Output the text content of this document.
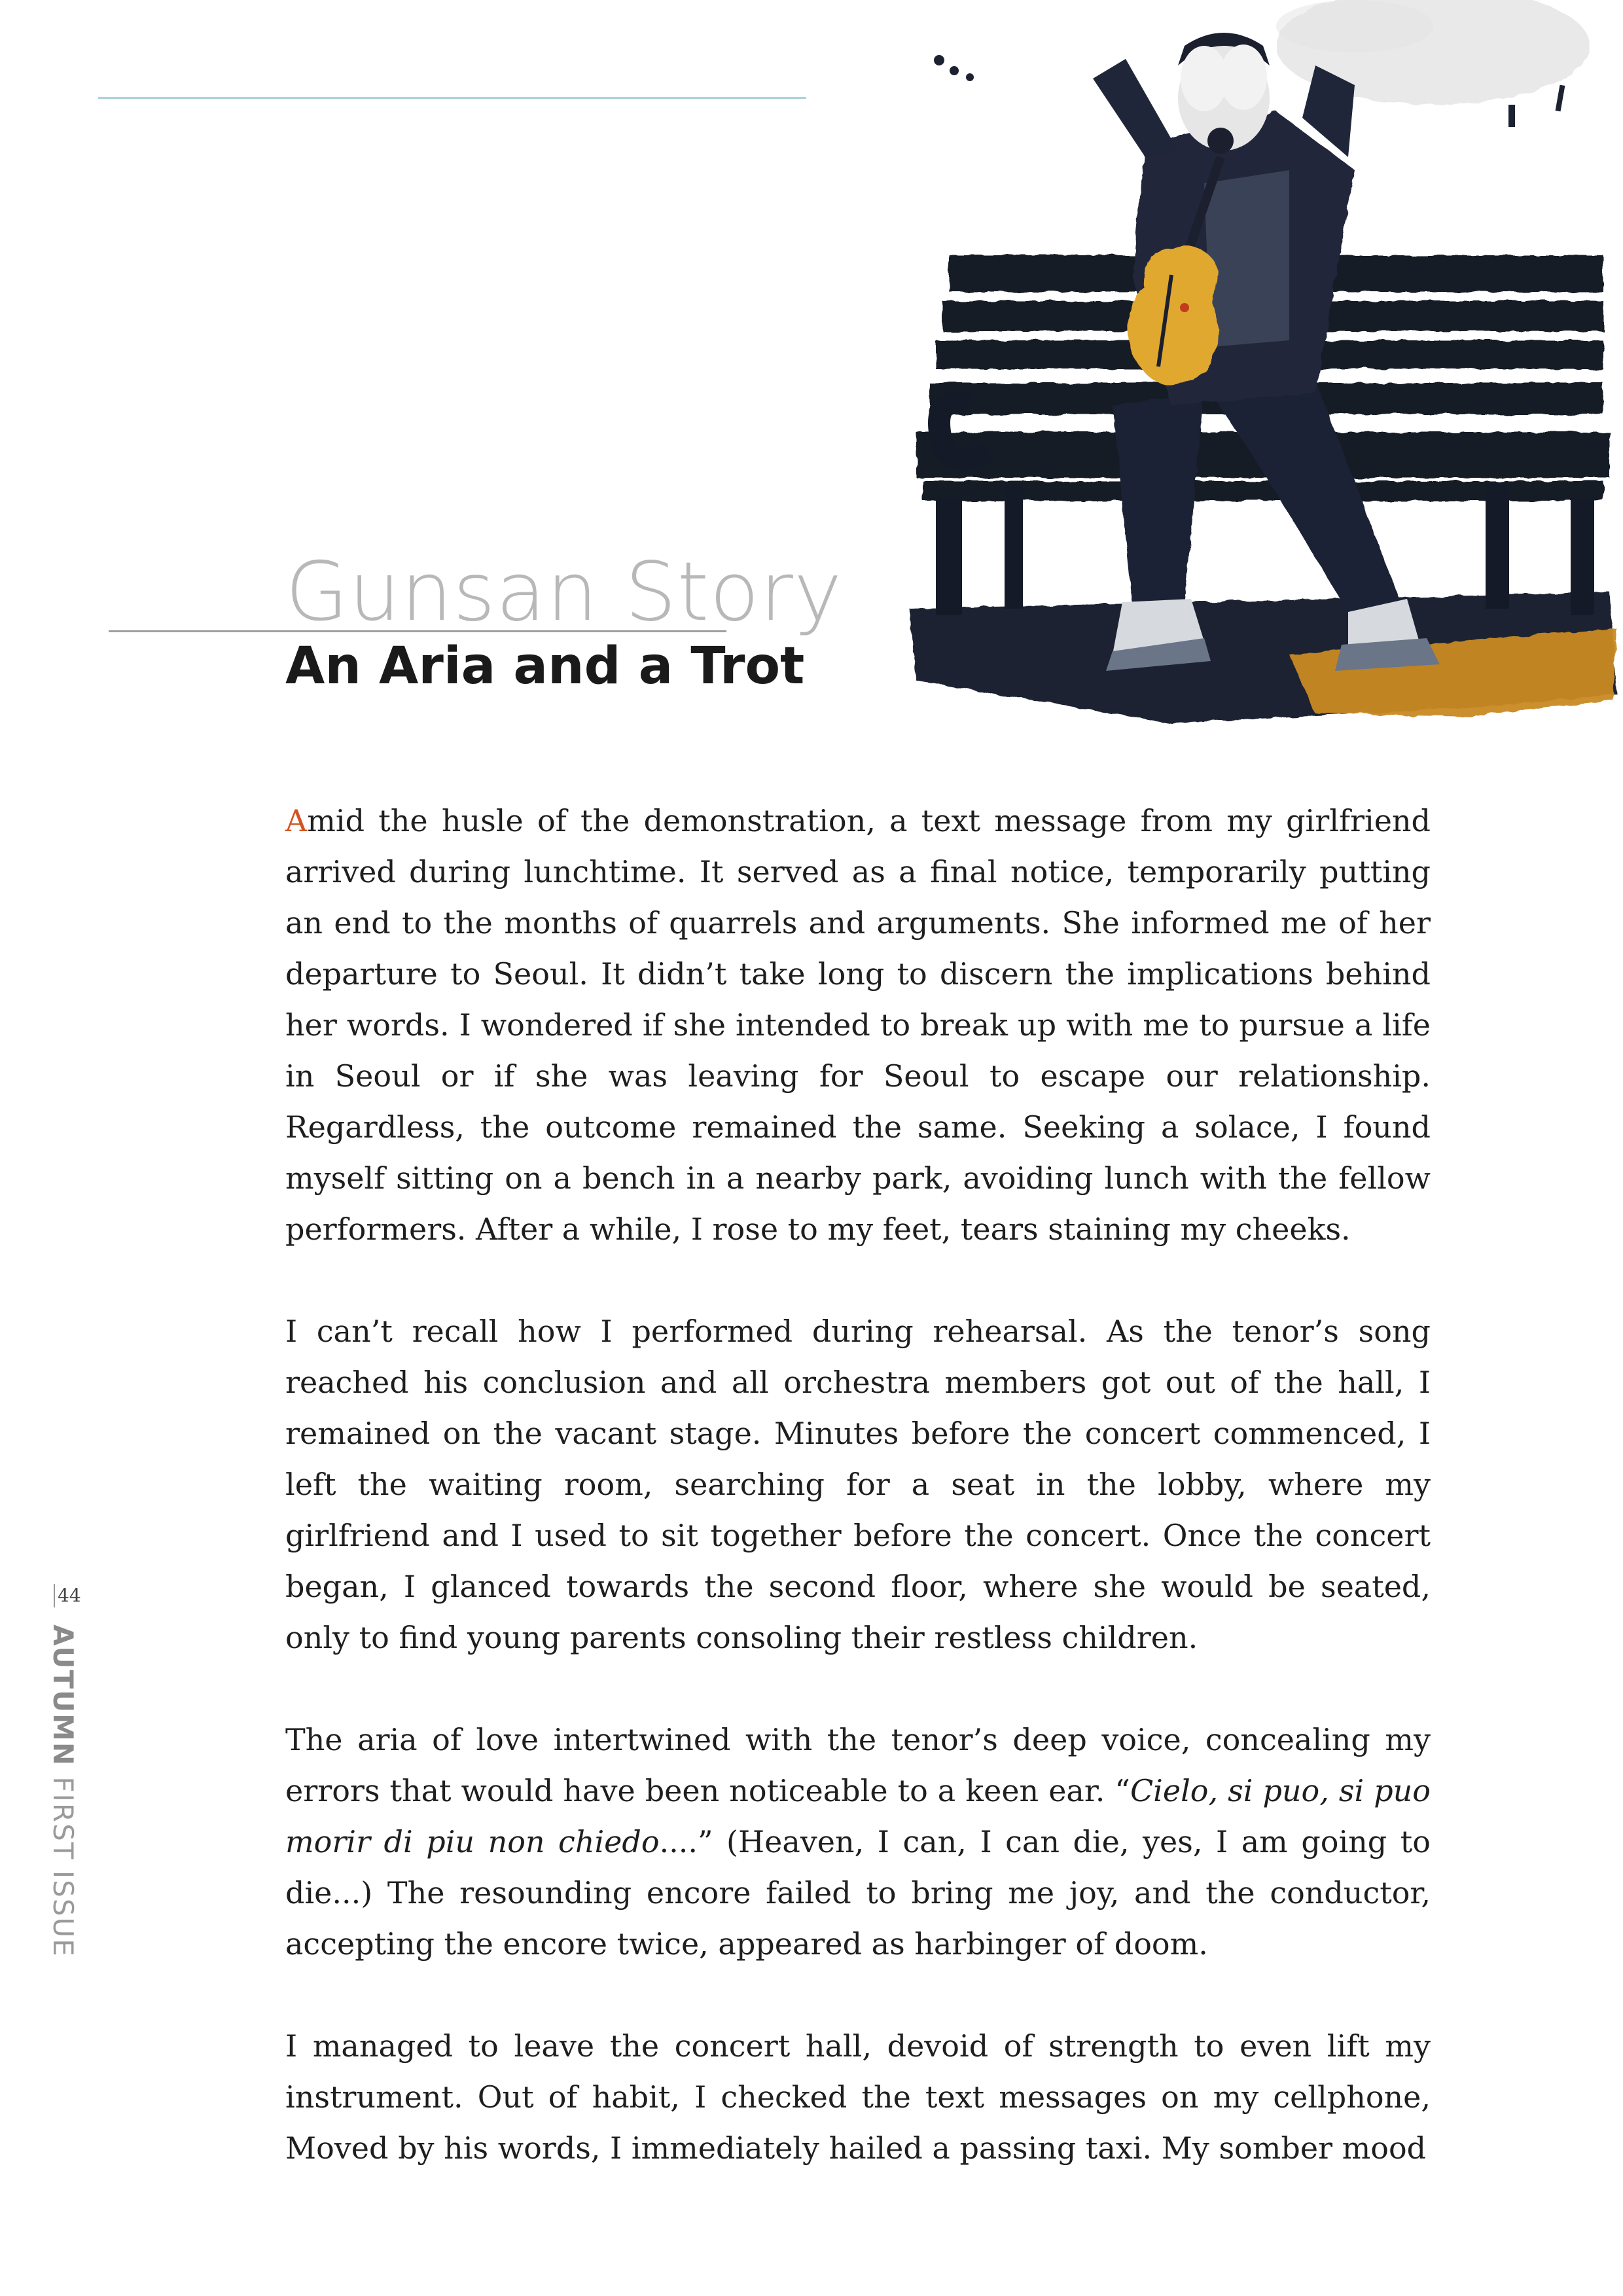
Gunsan Story
An Aria and a Trot

Amid the husle of the demonstration, a text message from my girlfriend arrived during lunchtime. It served as a final notice, temporarily putting an end to the months of quarrels and arguments. She informed me of her departure to Seoul. It didn’t take long to discern the implications behind her words. I wondered if she intended to break up with me to pursue a life in Seoul or if she was leaving for Seoul to escape our relationship. Regardless, the outcome remained the same. Seeking a solace, I found myself sitting on a bench in a nearby park, avoiding lunch with the fellow performers. After a while, I rose to my feet, tears staining my cheeks.

I can’t recall how I performed during rehearsal. As the tenor’s song reached his conclusion and all orchestra members got out of the hall, I remained on the vacant stage. Minutes before the concert commenced, I left the waiting room, searching for a seat in the lobby, where my girlfriend and I used to sit together before the concert. Once the concert began, I glanced towards the second floor, where she would be seated, only to find young parents consoling their restless children.

The aria of love intertwined with the tenor’s deep voice, concealing my errors that would have been noticeable to a keen ear. “Cielo, si puo, si puo morir di piu non chiedo....” (Heaven, I can, I can die, yes, I am going to die...) The resounding encore failed to bring me joy, and the conductor, accepting the encore twice, appeared as harbinger of doom.

I managed to leave the concert hall, devoid of strength to even lift my instrument. Out of habit, I checked the text messages on my cellphone, Moved by his words, I immediately hailed a passing taxi. My somber mood

44
AUTUMN FIRST ISSUE
